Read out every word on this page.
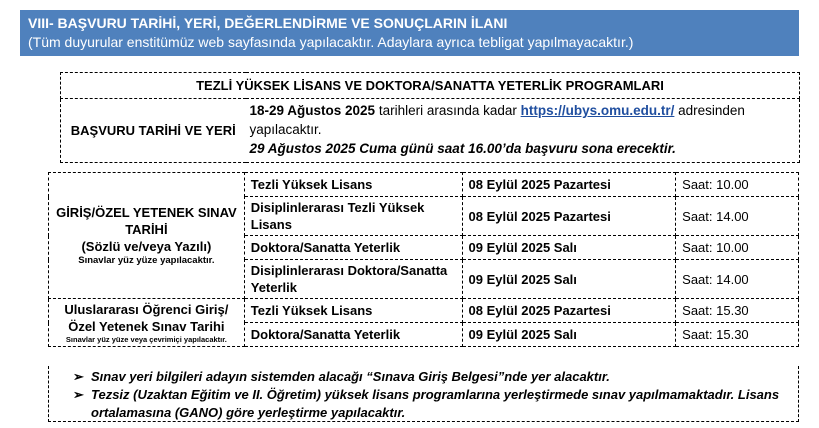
VIII- BAŞVURU TARİHİ, YERİ, DEĞERLENDİRME VE SONUÇLARIN İLANI
(Tüm duyurular enstitümüz web sayfasında yapılacaktır. Adaylara ayrıca tebligat yapılmayacaktır.)
TEZLİ YÜKSEK LİSANS VE DOKTORA/SANATTA YETERLİK PROGRAMLARI
BAŞVURU TARİHİ VE YERİ	18-29 Ağustos 2025 tarihleri arasında kadar https://ubys.omu.edu.tr/ adresinden yapılacaktır.
29 Ağustos 2025 Cuma günü saat 16.00’da başvuru sona erecektir.
GİRİŞ/ÖZEL YETENEK SINAV TARİHİ
(Sözlü ve/veya Yazılı)
Sınavlar yüz yüze yapılacaktır.	Tezli Yüksek Lisans	08 Eylül 2025 Pazartesi	Saat: 10.00
	Disiplinlerarası Tezli Yüksek Lisans	08 Eylül 2025 Pazartesi	Saat: 14.00
	Doktora/Sanatta Yeterlik	09 Eylül 2025 Salı	Saat: 10.00
	Disiplinlerarası Doktora/Sanatta Yeterlik	09 Eylül 2025 Salı	Saat: 14.00
Uluslararası Öğrenci Giriş/Özel Yetenek Sınav Tarihi
Sınavlar yüz yüze veya çevrimiçi yapılacaktır.	Tezli Yüksek Lisans	08 Eylül 2025 Pazartesi	Saat: 15.30
	Doktora/Sanatta Yeterlik	09 Eylül 2025 Salı	Saat: 15.30
➢ Sınav yeri bilgileri adayın sistemden alacağı “Sınava Giriş Belgesi”nde yer alacaktır.
➢ Tezsiz (Uzaktan Eğitim ve II. Öğretim) yüksek lisans programlarına yerleştirmede sınav yapılmamaktadır. Lisans ortalamasına (GANO) göre yerleştirme yapılacaktır.
